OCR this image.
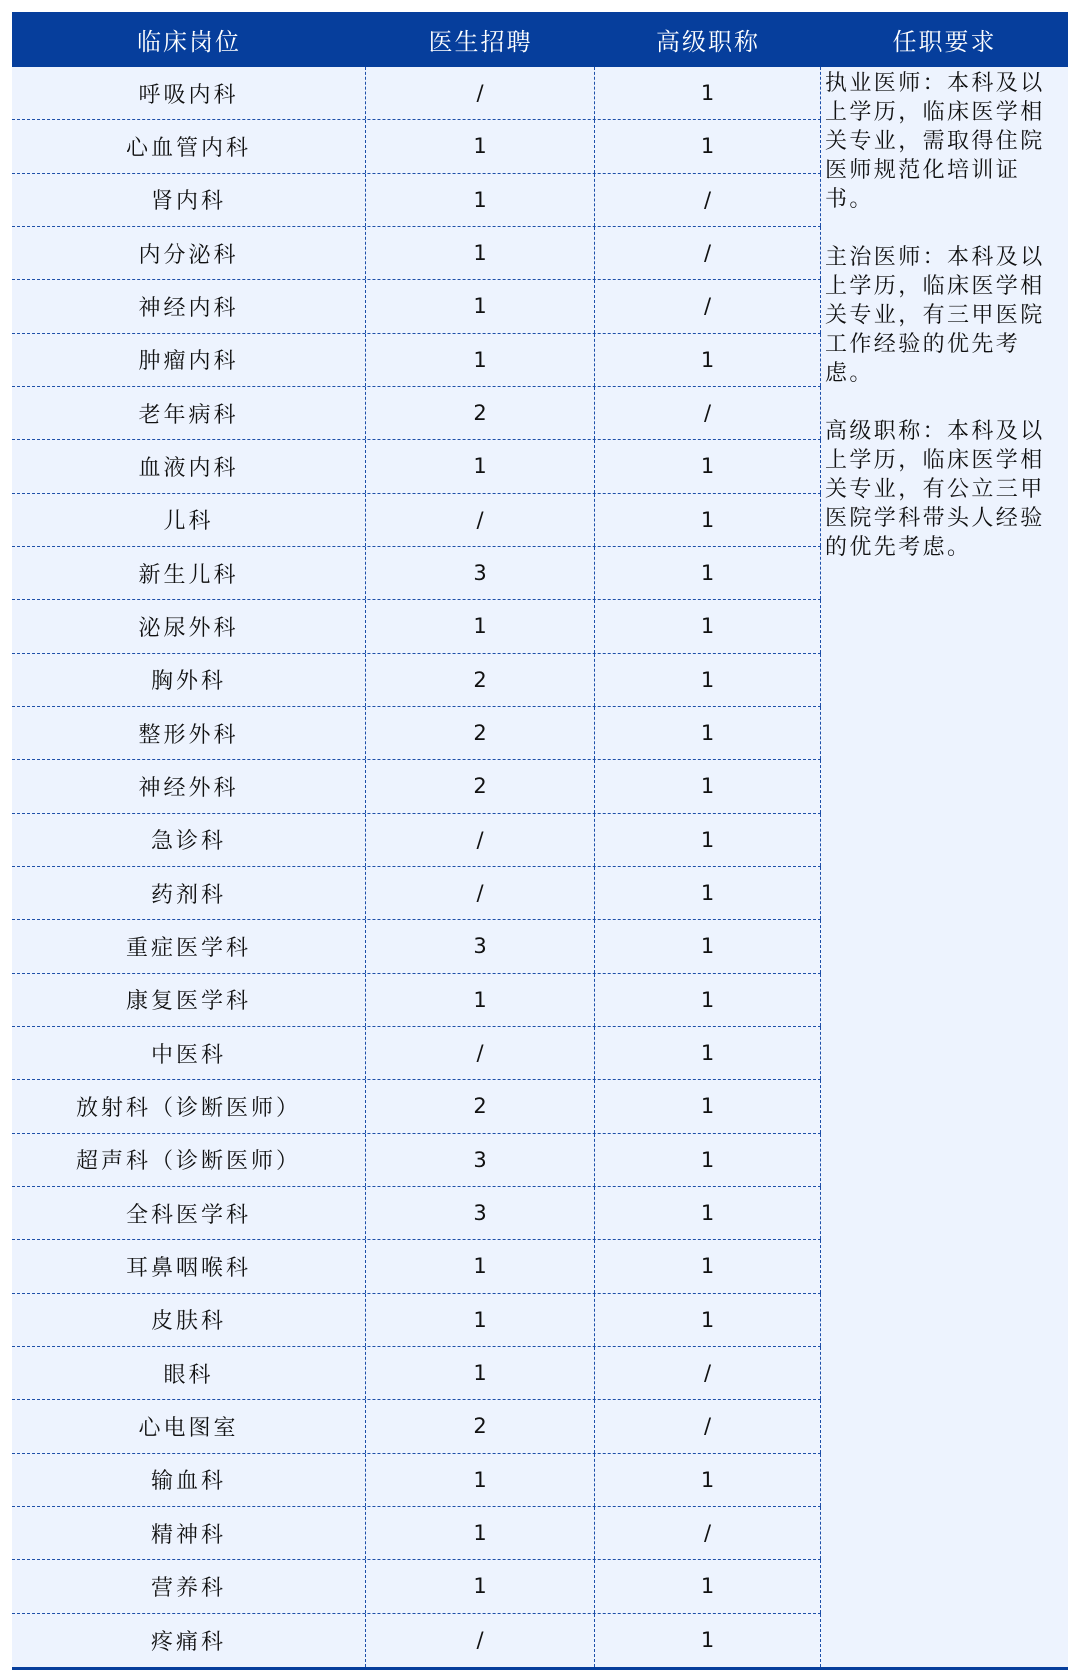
临床岗位	医生招聘	高级职称	任职要求
呼吸内科	/	1
心血管内科	1	1
肾内科	1	/
内分泌科	1	/
神经内科	1	/
肿瘤内科	1	1
老年病科	2	/
血液内科	1	1
儿科	/	1
新生儿科	3	1
泌尿外科	1	1
胸外科	2	1
整形外科	2	1
神经外科	2	1
急诊科	/	1
药剂科	/	1
重症医学科	3	1
康复医学科	1	1
中医科	/	1
放射科（诊断医师）	2	1
超声科（诊断医师）	3	1
全科医学科	3	1
耳鼻咽喉科	1	1
皮肤科	1	1
眼科	1	/
心电图室	2	/
输血科	1	1
精神科	1	/
营养科	1	1
疼痛科	/	1

执业医师：本科及以上学历，临床医学相关专业，需取得住院医师规范化培训证书。

主治医师：本科及以上学历，临床医学相关专业，有三甲医院工作经验的优先考虑。

高级职称：本科及以上学历，临床医学相关专业，有公立三甲医院学科带头人经验的优先考虑。
